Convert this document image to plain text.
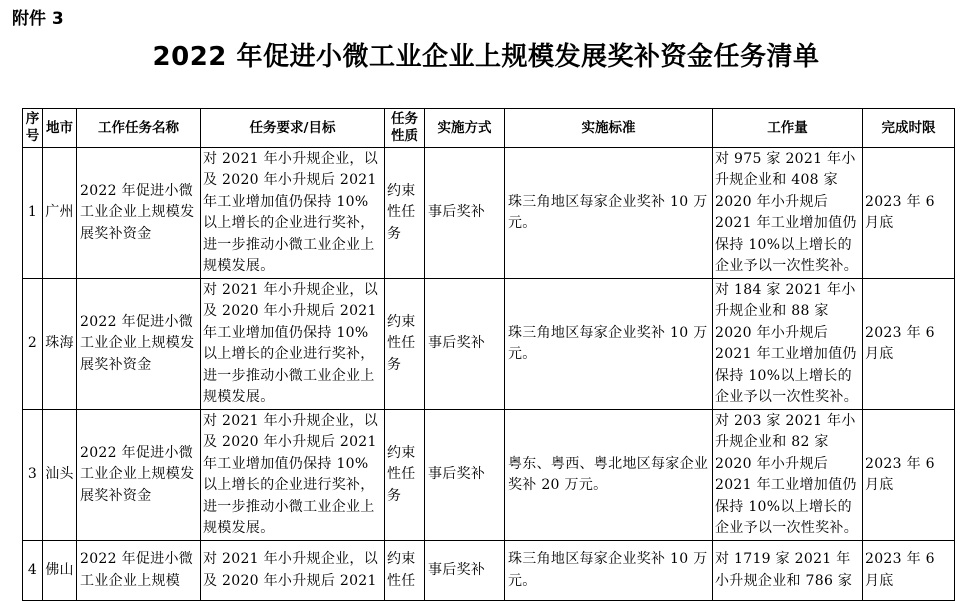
附件 3
2022 年促进小微工业企业上规模发展奖补资金任务清单
序号	地市	工作任务名称	任务要求/目标	任务性质	实施方式	实施标准	工作量	完成时限
1	广州	2022 年促进小微工业企业上规模发展奖补资金	对 2021 年小升规企业，以及 2020 年小升规后 2021 年工业增加值仍保持 10%以上增长的企业进行奖补，进一步推动小微工业企业上规模发展。	约束性任务	事后奖补	珠三角地区每家企业奖补 10 万元。	对 975 家 2021 年小升规企业和 408 家 2020 年小升规后 2021 年工业增加值仍保持 10%以上增长的企业予以一次性奖补。	2023 年 6 月底
2	珠海	2022 年促进小微工业企业上规模发展奖补资金	对 2021 年小升规企业，以及 2020 年小升规后 2021 年工业增加值仍保持 10%以上增长的企业进行奖补，进一步推动小微工业企业上规模发展。	约束性任务	事后奖补	珠三角地区每家企业奖补 10 万元。	对 184 家 2021 年小升规企业和 88 家 2020 年小升规后 2021 年工业增加值仍保持 10%以上增长的企业予以一次性奖补。	2023 年 6 月底
3	汕头	2022 年促进小微工业企业上规模发展奖补资金	对 2021 年小升规企业，以及 2020 年小升规后 2021 年工业增加值仍保持 10%以上增长的企业进行奖补，进一步推动小微工业企业上规模发展。	约束性任务	事后奖补	粤东、粤西、粤北地区每家企业奖补 20 万元。	对 203 家 2021 年小升规企业和 82 家 2020 年小升规后 2021 年工业增加值仍保持 10%以上增长的企业予以一次性奖补。	2023 年 6 月底
4	佛山	2022 年促进小微工业企业上规模	对 2021 年小升规企业，以及 2020 年小升规后 2021	约束性任	事后奖补	珠三角地区每家企业奖补 10 万元。	对 1719 家 2021 年小升规企业和 786 家	2023 年 6 月底
